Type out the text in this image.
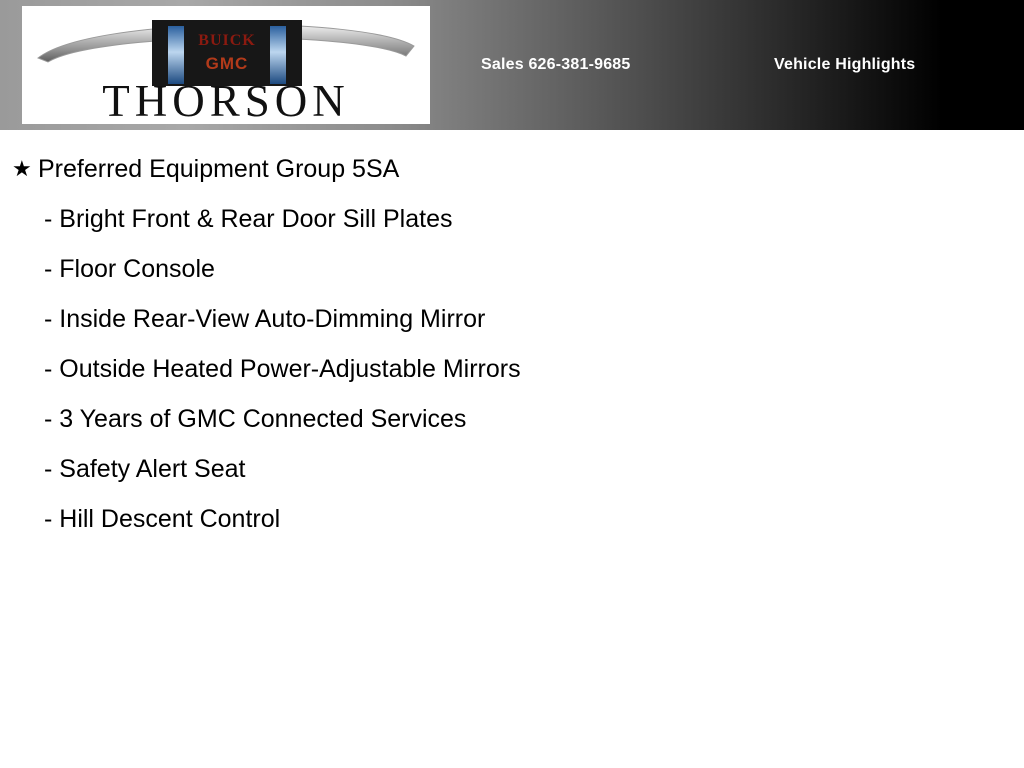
BUICK
GMC
THORSON
Sales 626-381-9685	Vehicle Highlights
★ Preferred Equipment Group 5SA
- Bright Front & Rear Door Sill Plates
- Floor Console
- Inside Rear-View Auto-Dimming Mirror
- Outside Heated Power-Adjustable Mirrors
- 3 Years of GMC Connected Services
- Safety Alert Seat
- Hill Descent Control
